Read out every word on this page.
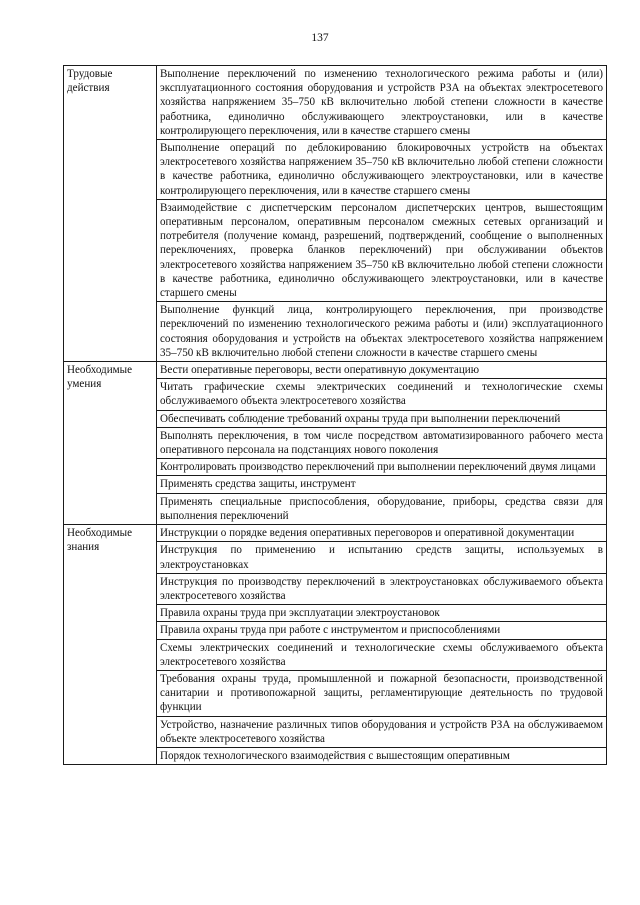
137
Трудовые действия	Выполнение переключений по изменению технологического режима работы и (или) эксплуатационного состояния оборудования и устройств РЗА на объектах электросетевого хозяйства напряжением 35–750 кВ включительно любой степени сложности в качестве работника, единолично обслуживающего электроустановки, или в качестве контролирующего переключения, или в качестве старшего смены
	Выполнение операций по деблокированию блокировочных устройств на объектах электросетевого хозяйства напряжением 35–750 кВ включительно любой степени сложности в качестве работника, единолично обслуживающего электроустановки, или в качестве контролирующего переключения, или в качестве старшего смены
	Взаимодействие с диспетчерским персоналом диспетчерских центров, вышестоящим оперативным персоналом, оперативным персоналом смежных сетевых организаций и потребителя (получение команд, разрешений, подтверждений, сообщение о выполненных переключениях, проверка бланков переключений) при обслуживании объектов электросетевого хозяйства напряжением 35–750 кВ включительно любой степени сложности в качестве работника, единолично обслуживающего электроустановки, или в качестве старшего смены
	Выполнение функций лица, контролирующего переключения, при производстве переключений по изменению технологического режима работы и (или) эксплуатационного состояния оборудования и устройств на объектах электросетевого хозяйства напряжением 35–750 кВ включительно любой степени сложности в качестве старшего смены
Необходимые умения	Вести оперативные переговоры, вести оперативную документацию
	Читать графические схемы электрических соединений и технологические схемы обслуживаемого объекта электросетевого хозяйства
	Обеспечивать соблюдение требований охраны труда при выполнении переключений
	Выполнять переключения, в том числе посредством автоматизированного рабочего места оперативного персонала на подстанциях нового поколения
	Контролировать производство переключений при выполнении переключений двумя лицами
	Применять средства защиты, инструмент
	Применять специальные приспособления, оборудование, приборы, средства связи для выполнения переключений
Необходимые знания	Инструкции о порядке ведения оперативных переговоров и оперативной документации
	Инструкция по применению и испытанию средств защиты, используемых в электроустановках
	Инструкция по производству переключений в электроустановках обслуживаемого объекта электросетевого хозяйства
	Правила охраны труда при эксплуатации электроустановок
	Правила охраны труда при работе с инструментом и приспособлениями
	Схемы электрических соединений и технологические схемы обслуживаемого объекта электросетевого хозяйства
	Требования охраны труда, промышленной и пожарной безопасности, производственной санитарии и противопожарной защиты, регламентирующие деятельность по трудовой функции
	Устройство, назначение различных типов оборудования и устройств РЗА на обслуживаемом объекте электросетевого хозяйства
	Порядок технологического взаимодействия с вышестоящим оперативным
